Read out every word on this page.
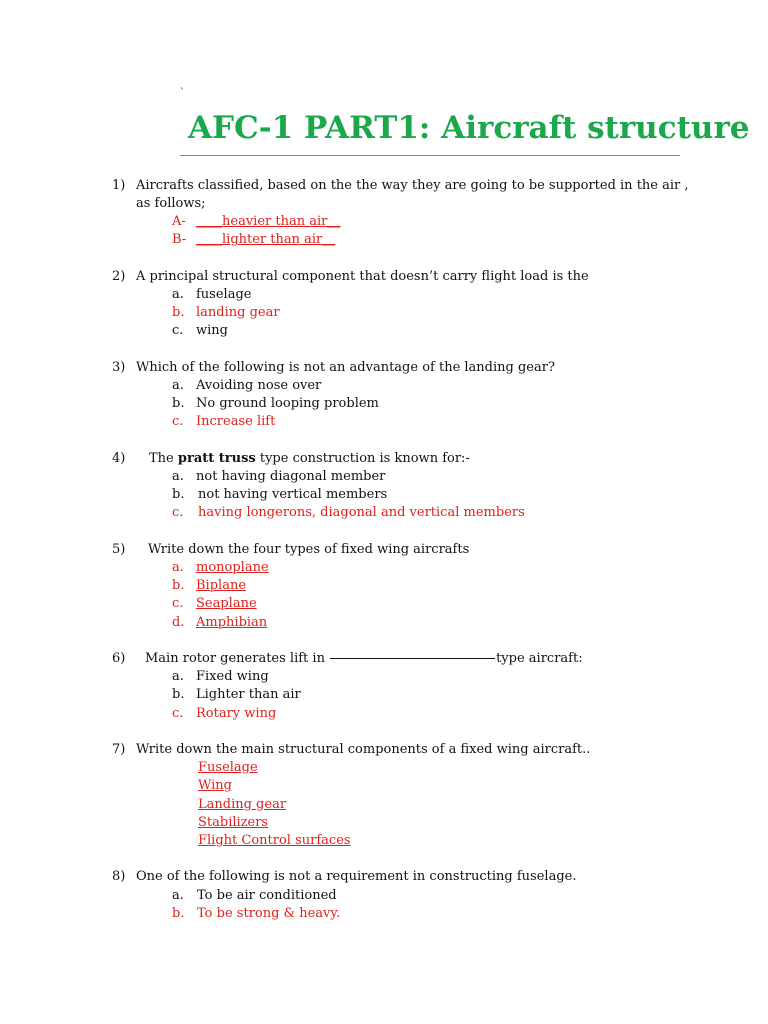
`
AFC-1 PART1: Aircraft structure
1) Aircrafts classified, based on the the way they are going to be supported in the air ,
as follows;
A- ____heavier than air__
B- ____lighter than air__
2) A principal structural component that doesn’t carry flight load is the
a. fuselage
b. landing gear
c. wing
3) Which of the following is not an advantage of the landing gear?
a. Avoiding nose over
b. No ground looping problem
c. Increase lift
4) The pratt truss type construction is known for:-
a. not having diagonal member
b. not having vertical members
c. having longerons, diagonal and vertical members
5) Write down the four types of fixed wing aircrafts
a. monoplane
b. Biplane
c. Seaplane
d. Amphibian
6) Main rotor generates lift in	type aircraft:
a. Fixed wing
b. Lighter than air
c. Rotary wing
7) Write down the main structural components of a fixed wing aircraft..
Fuselage
Wing
Landing gear
Stabilizers
Flight Control surfaces
8) One of the following is not a requirement in constructing fuselage.
a. To be air conditioned
b. To be strong & heavy.
